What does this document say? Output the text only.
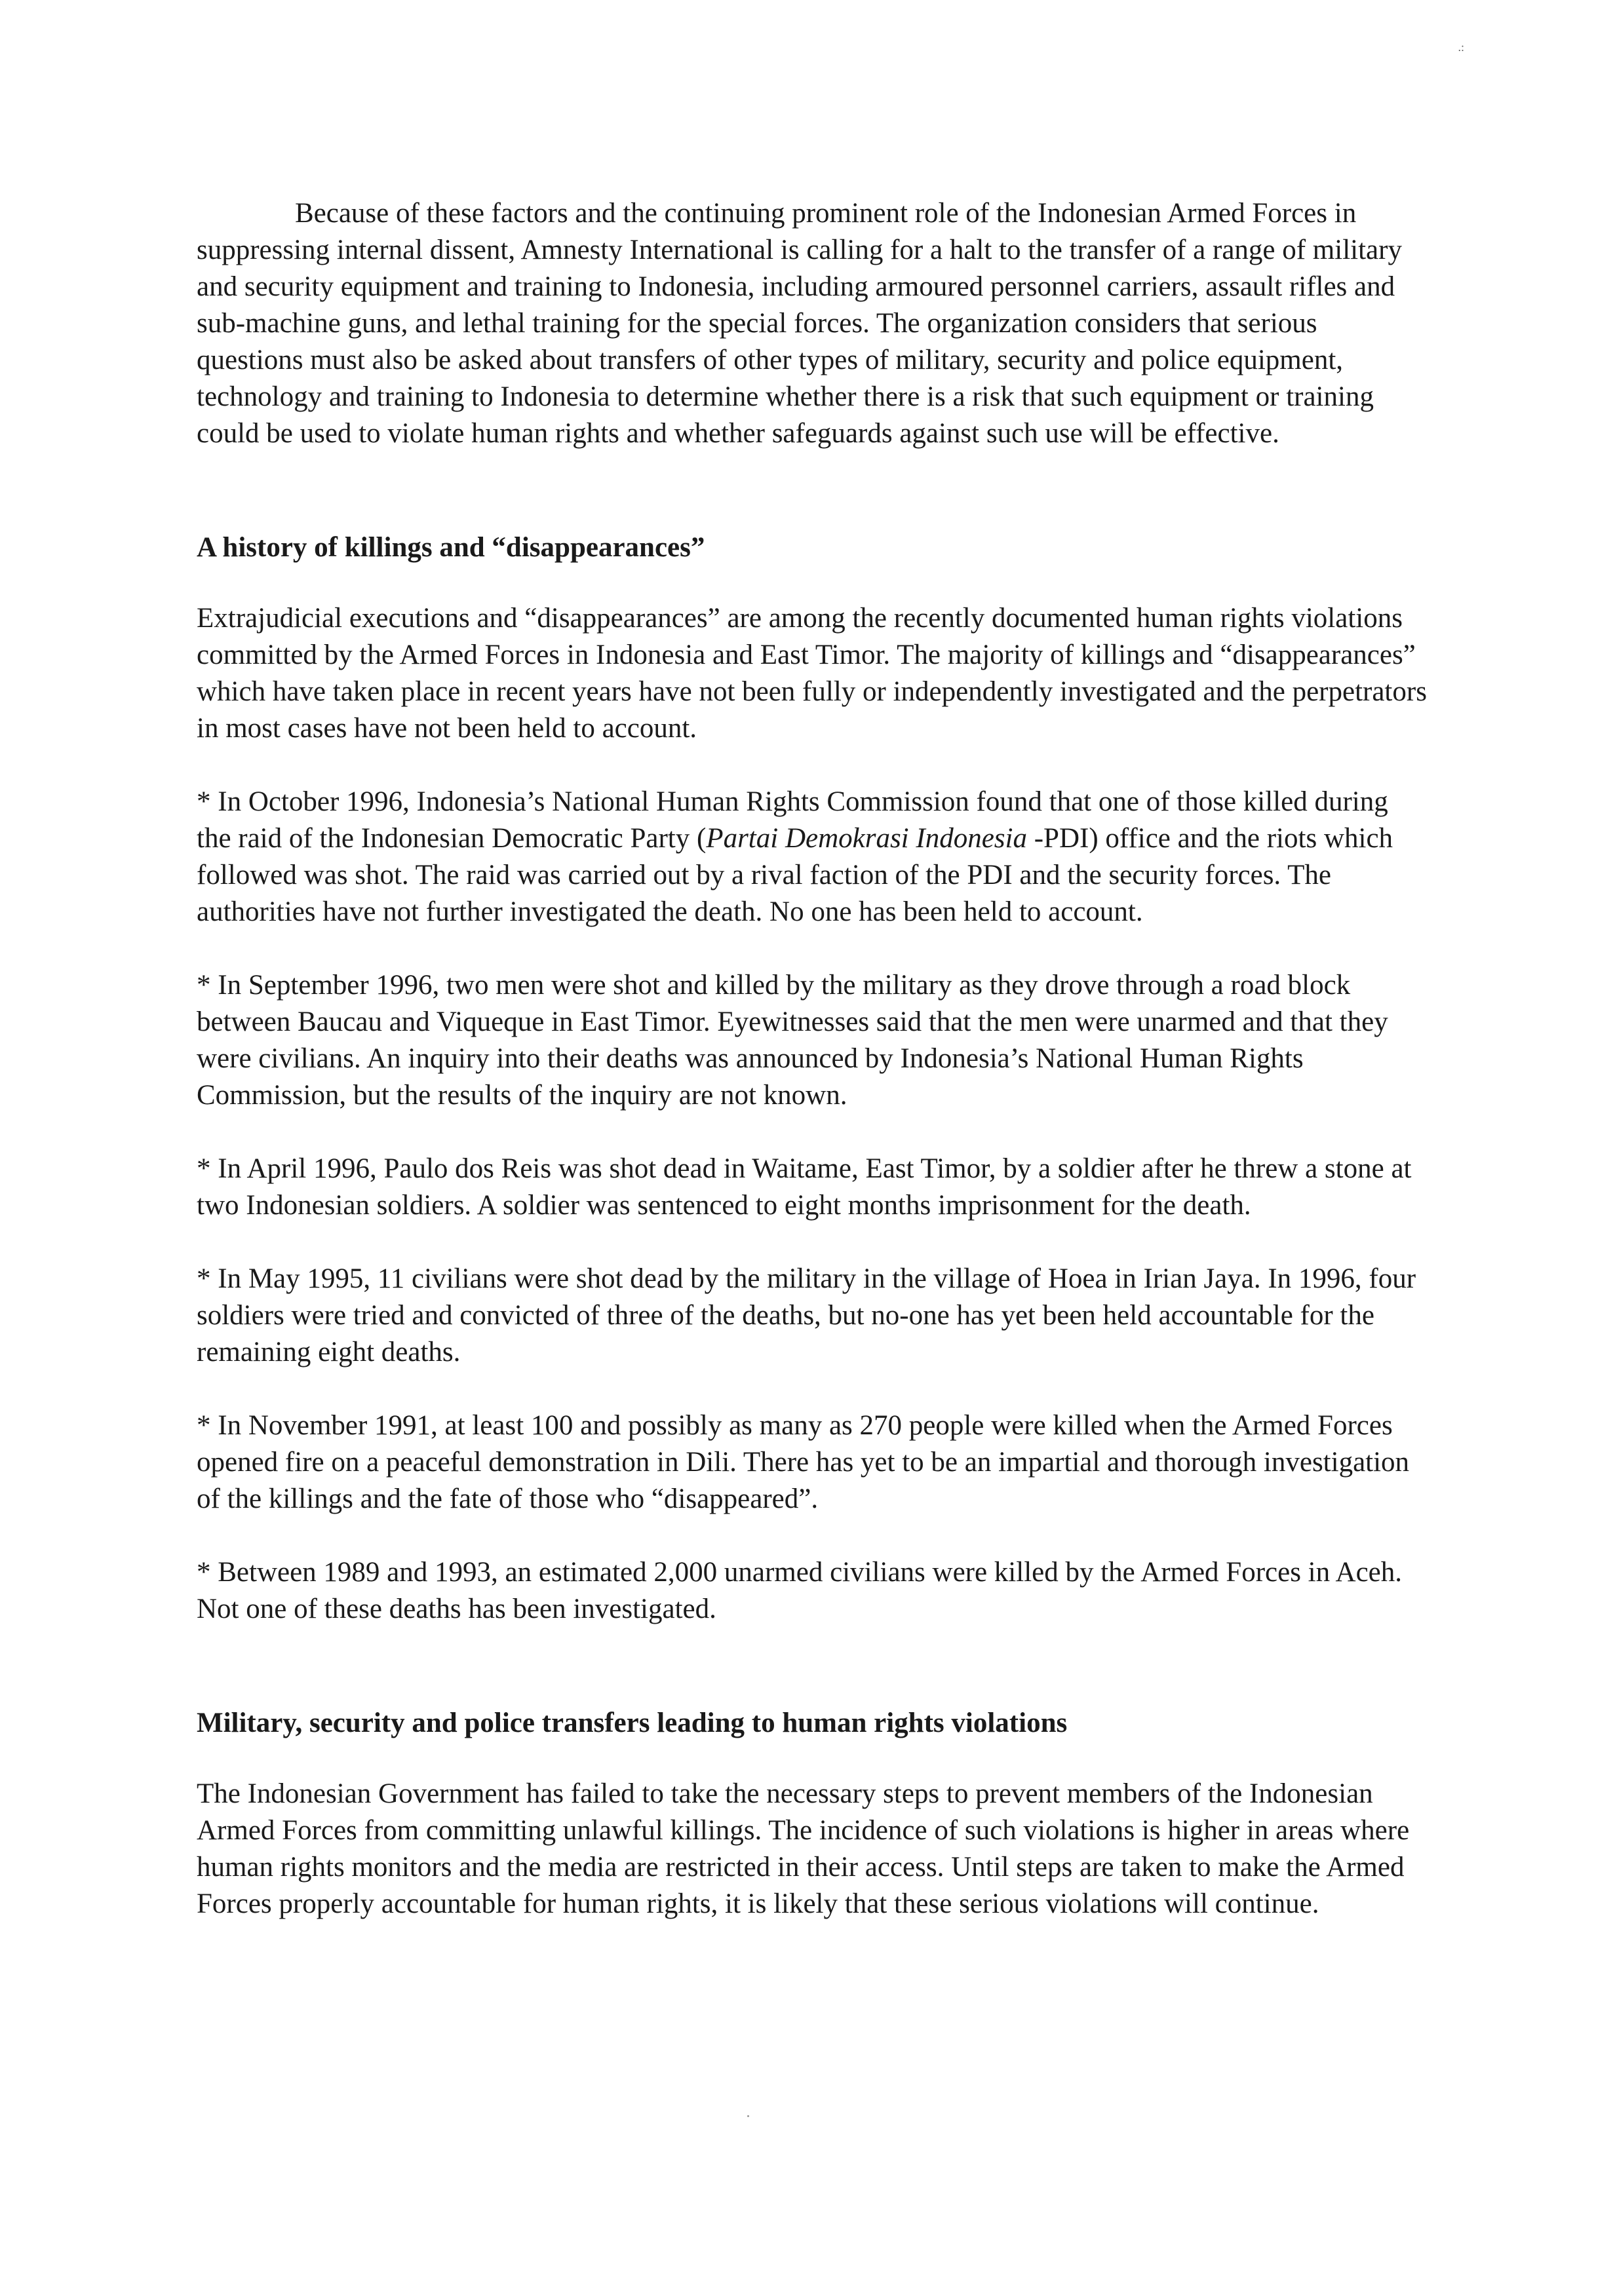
.:

Because of these factors and the continuing prominent role of the Indonesian Armed Forces in suppressing internal dissent, Amnesty International is calling for a halt to the transfer of a range of military and security equipment and training to Indonesia, including armoured personnel carriers, assault rifles and sub-machine guns, and lethal training for the special forces. The organization considers that serious questions must also be asked about transfers of other types of military, security and police equipment, technology and training to Indonesia to determine whether there is a risk that such equipment or training could be used to violate human rights and whether safeguards against such use will be effective.

A history of killings and “disappearances”

Extrajudicial executions and “disappearances” are among the recently documented human rights violations committed by the Armed Forces in Indonesia and East Timor. The majority of killings and “disappearances” which have taken place in recent years have not been fully or independently investigated and the perpetrators in most cases have not been held to account.

* In October 1996, Indonesia’s National Human Rights Commission found that one of those killed during the raid of the Indonesian Democratic Party (Partai Demokrasi Indonesia -PDI) office and the riots which followed was shot. The raid was carried out by a rival faction of the PDI and the security forces. The authorities have not further investigated the death. No one has been held to account.

* In September 1996, two men were shot and killed by the military as they drove through a road block between Baucau and Viqueque in East Timor. Eyewitnesses said that the men were unarmed and that they were civilians. An inquiry into their deaths was announced by Indonesia’s National Human Rights Commission, but the results of the inquiry are not known.

* In April 1996, Paulo dos Reis was shot dead in Waitame, East Timor, by a soldier after he threw a stone at two Indonesian soldiers. A soldier was sentenced to eight months imprisonment for the death.

* In May 1995, 11 civilians were shot dead by the military in the village of Hoea in Irian Jaya. In 1996, four soldiers were tried and convicted of three of the deaths, but no-one has yet been held accountable for the remaining eight deaths.

* In November 1991, at least 100 and possibly as many as 270 people were killed when the Armed Forces opened fire on a peaceful demonstration in Dili. There has yet to be an impartial and thorough investigation of the killings and the fate of those who “disappeared”.

* Between 1989 and 1993, an estimated 2,000 unarmed civilians were killed by the Armed Forces in Aceh. Not one of these deaths has been investigated.

Military, security and police transfers leading to human rights violations

The Indonesian Government has failed to take the necessary steps to prevent members of the Indonesian Armed Forces from committing unlawful killings. The incidence of such violations is higher in areas where human rights monitors and the media are restricted in their access. Until steps are taken to make the Armed Forces properly accountable for human rights, it is likely that these serious violations will continue.
